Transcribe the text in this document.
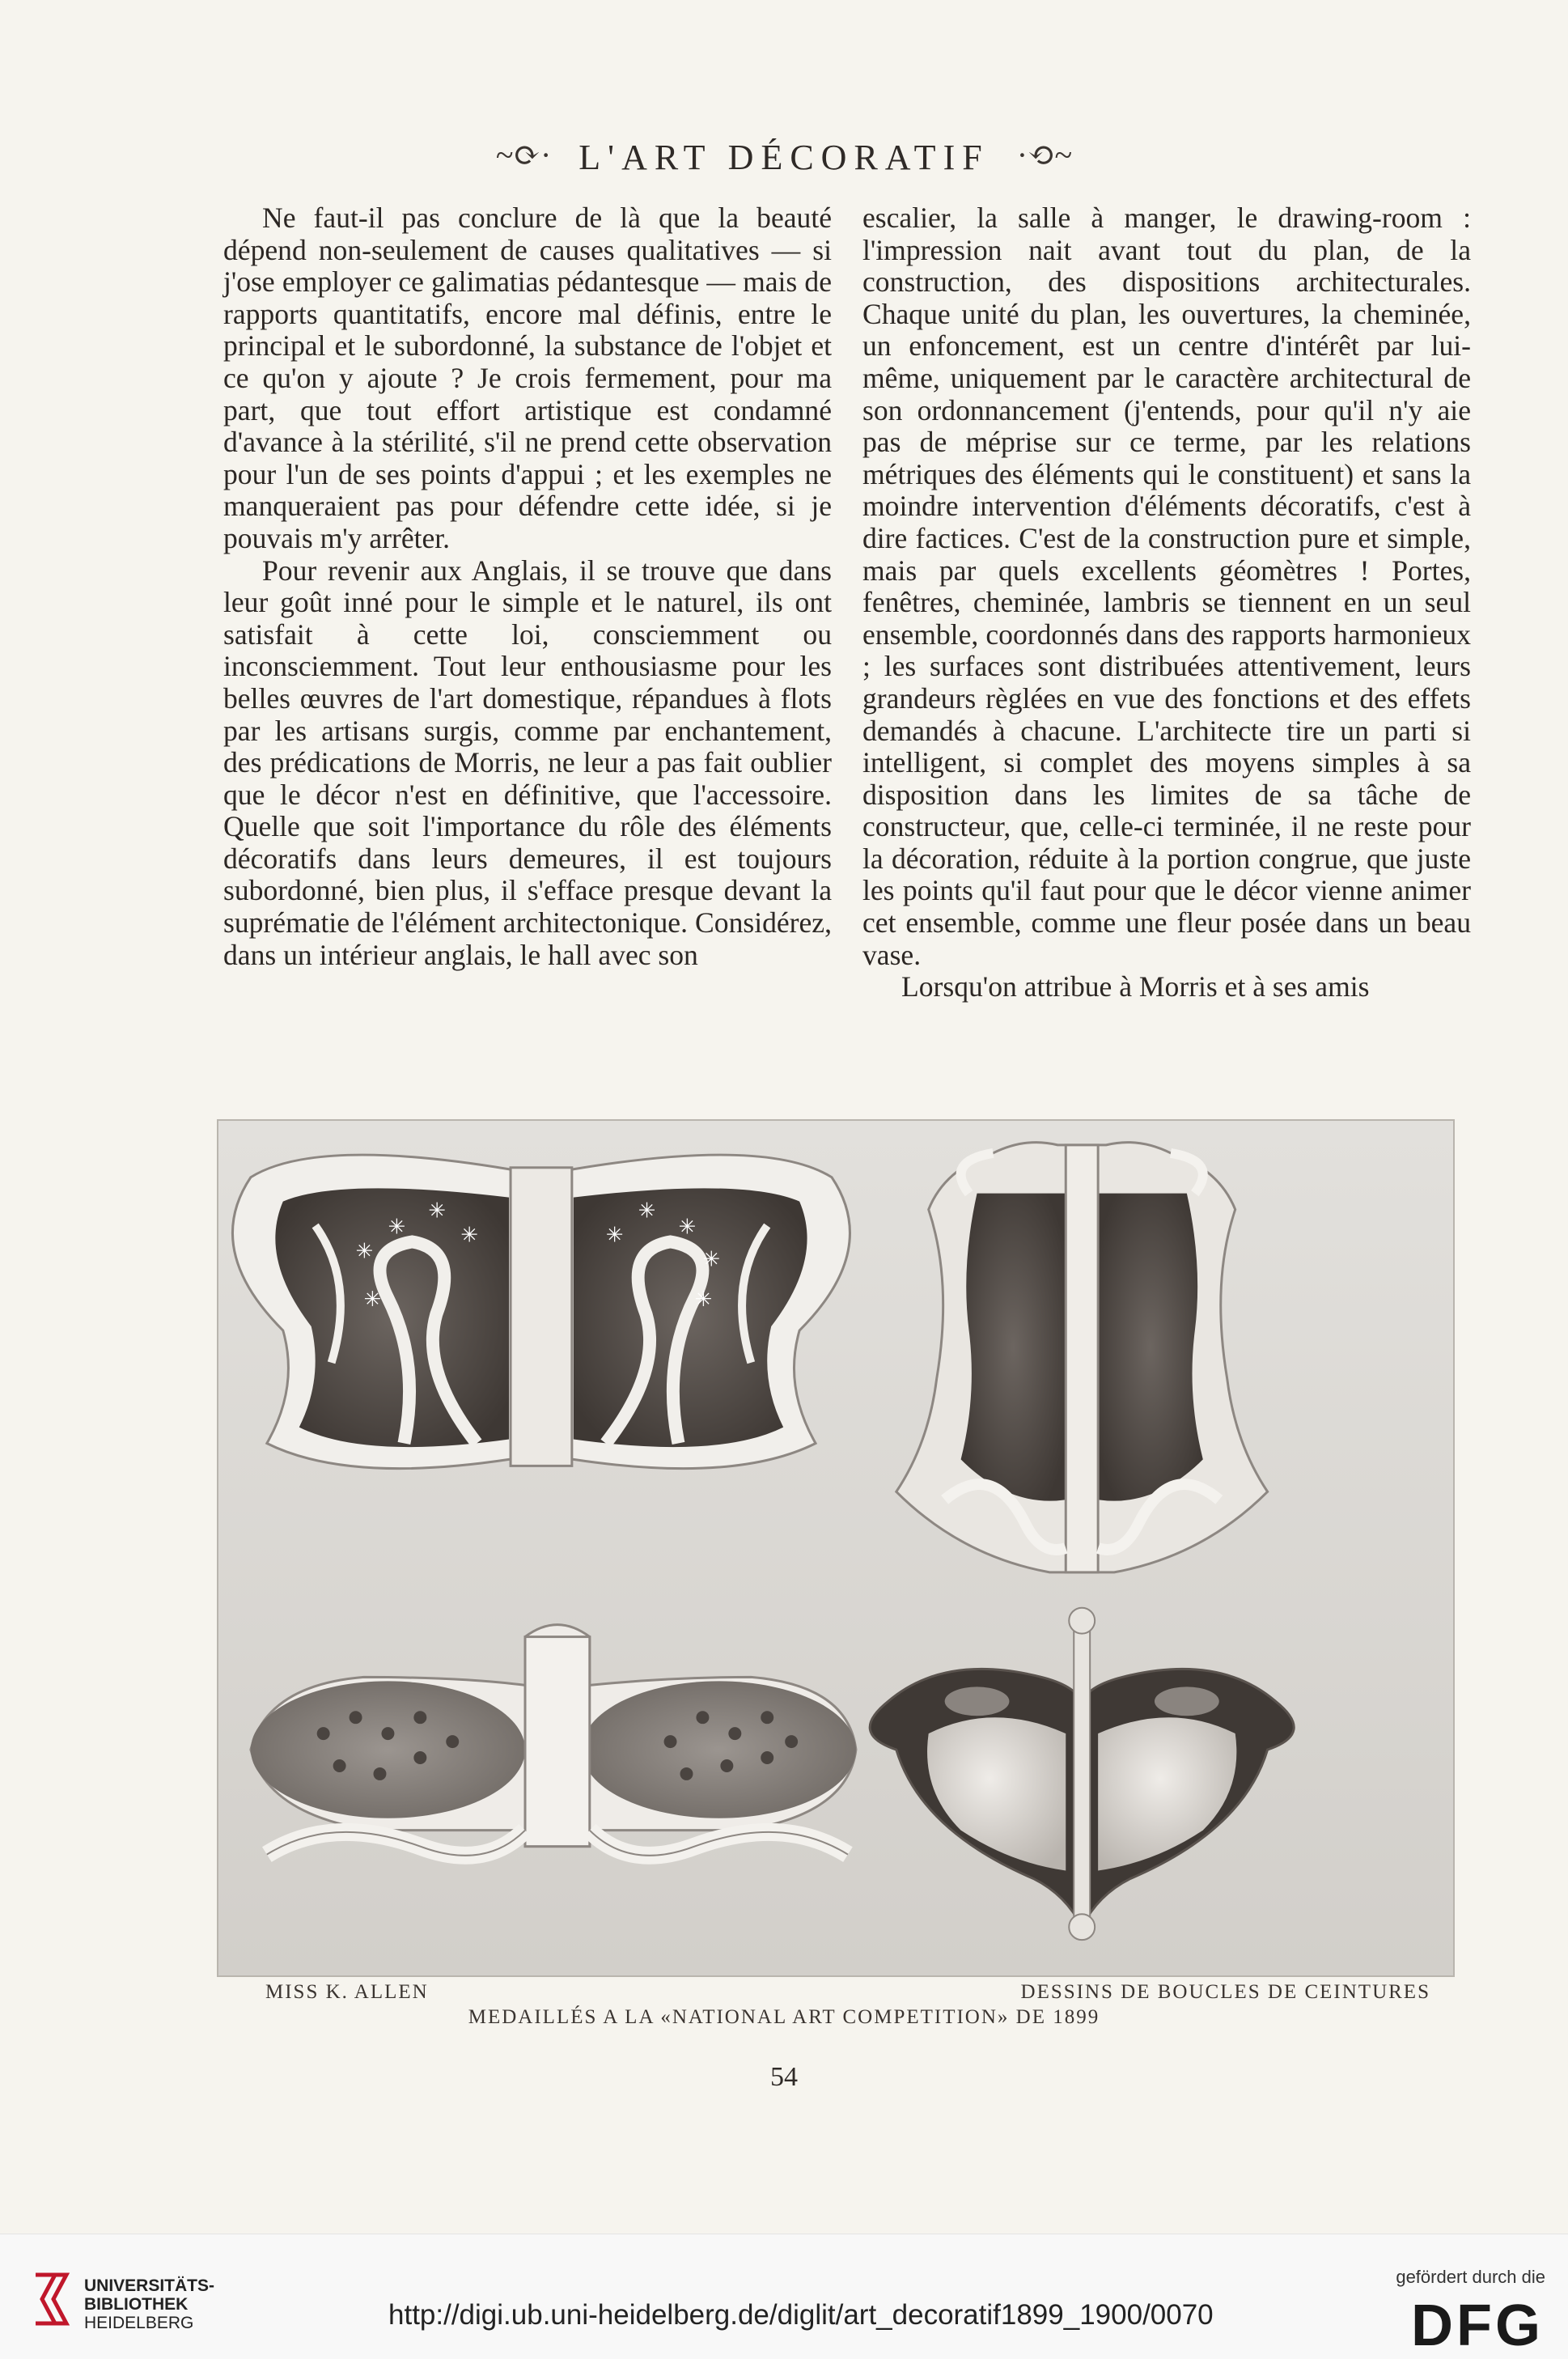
~⟳· L'ART DÉCORATIF ·⟲~

Ne faut-il pas conclure de là que la beauté dépend non-seulement de causes qualitatives — si j'ose employer ce galimatias pédantesque — mais de rapports quantitatifs, encore mal définis, entre le principal et le subordonné, la substance de l'objet et ce qu'on y ajoute ? Je crois fermement, pour ma part, que tout effort artistique est condamné d'avance à la stérilité, s'il ne prend cette observation pour l'un de ses points d'appui ; et les exemples ne manqueraient pas pour défendre cette idée, si je pouvais m'y arrêter.

Pour revenir aux Anglais, il se trouve que dans leur goût inné pour le simple et le naturel, ils ont satisfait à cette loi, consciemment ou inconsciemment. Tout leur enthousiasme pour les belles œuvres de l'art domestique, répandues à flots par les artisans surgis, comme par enchantement, des prédications de Morris, ne leur a pas fait oublier que le décor n'est en définitive, que l'accessoire. Quelle que soit l'importance du rôle des éléments décoratifs dans leurs demeures, il est toujours subordonné, bien plus, il s'efface presque devant la suprématie de l'élément architectonique. Considérez, dans un intérieur anglais, le hall avec son

escalier, la salle à manger, le drawing-room : l'impression nait avant tout du plan, de la construction, des dispositions architecturales. Chaque unité du plan, les ouvertures, la cheminée, un enfoncement, est un centre d'intérêt par lui-même, uniquement par le caractère architectural de son ordonnancement (j'entends, pour qu'il n'y aie pas de méprise sur ce terme, par les relations métriques des éléments qui le constituent) et sans la moindre intervention d'éléments décoratifs, c'est à dire factices. C'est de la construction pure et simple, mais par quels excellents géomètres ! Portes, fenêtres, cheminée, lambris se tiennent en un seul ensemble, coordonnés dans des rapports harmonieux ; les surfaces sont distribuées attentivement, leurs grandeurs règlées en vue des fonctions et des effets demandés à chacune. L'architecte tire un parti si intelligent, si complet des moyens simples à sa disposition dans les limites de sa tâche de constructeur, que, celle-ci terminée, il ne reste pour la décoration, réduite à la portion congrue, que juste les points qu'il faut pour que le décor vienne animer cet ensemble, comme une fleur posée dans un beau vase.

Lorsqu'on attribue à Morris et à ses amis

✳
✳
✳
✳
✳
✳
✳
✳
✳
✳
MISS K. ALLEN	DESSINS DE BOUCLES DE CEINTURES
MEDAILLÉS A LA «NATIONAL ART COMPETITION» DE 1899
54
UNIVERSITÄTS-
BIBLIOTHEK
HEIDELBERG	http://digi.ub.uni-heidelberg.de/diglit/art_decoratif1899_1900/0070
gefördert durch die
DFG
